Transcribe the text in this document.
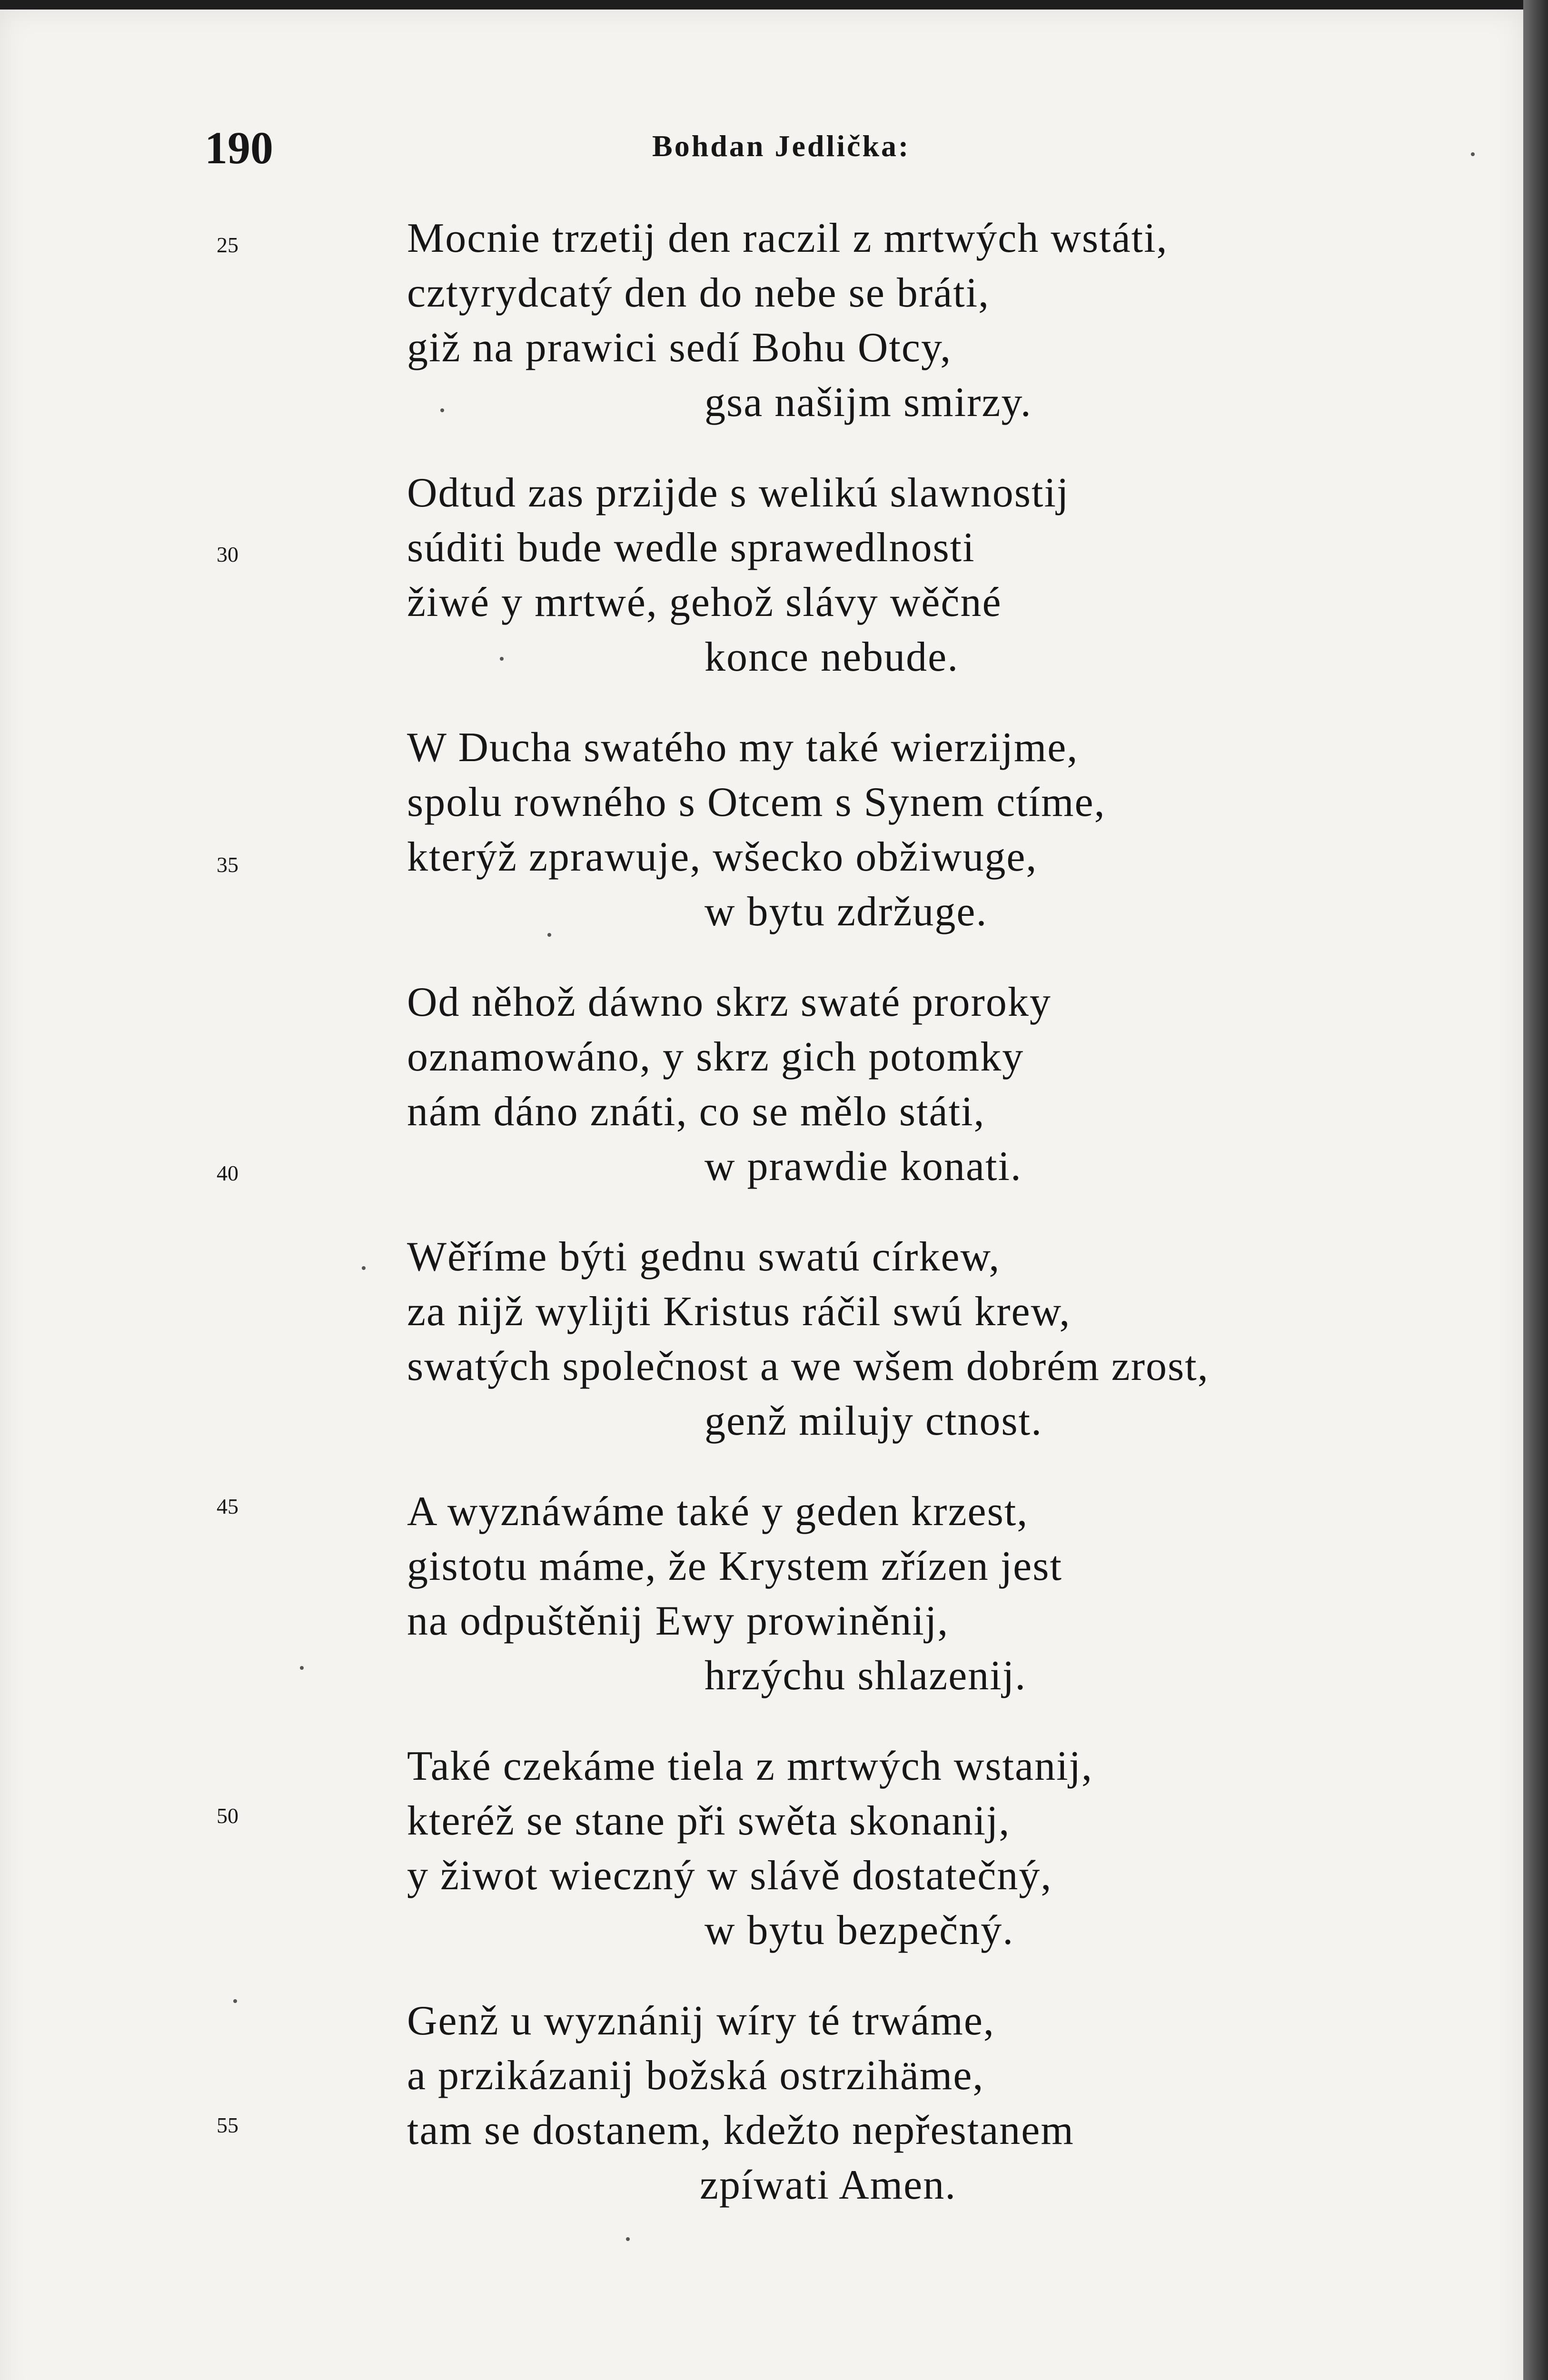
190	Bohdan Jedlička:
25
30
35
40
45
50
55
Mocnie trzetij den raczil z mrtwých wstáti,
cztyrydcatý den do nebe se bráti,
giž na prawici sedí Bohu Otcy,
gsa našijm smirzy.
Odtud zas przijde s welikú slawnostij
súditi bude wedle sprawedlnosti
žiwé y mrtwé, gehož slávy wěčné
konce nebude.
W Ducha swatého my také wierzijme,
spolu rowného s Otcem s Synem ctíme,
kterýž zprawuje, wšecko obžiwuge,
w bytu zdržuge.
Od něhož dáwno skrz swaté proroky
oznamowáno, y skrz gich potomky
nám dáno znáti, co se mělo státi,
w prawdie konati.
Wěříme býti gednu swatú církew,
za nijž wylijti Kristus ráčil swú krew,
swatých společnost a we wšem dobrém zrost,
genž milujy ctnost.
A wyznáwáme také y geden krzest,
gistotu máme, že Krystem zřízen jest
na odpuštěnij Ewy prowiněnij,
hrzýchu shlazenij.
Také czekáme tiela z mrtwých wstanij,
kteréž se stane při swěta skonanij,
y žiwot wieczný w slávě dostatečný,
w bytu bezpečný.
Genž u wyznánij wíry té trwáme,
a przikázanij božská ostrzihäme,
tam se dostanem, kdežto nepřestanem
zpíwati Amen.
